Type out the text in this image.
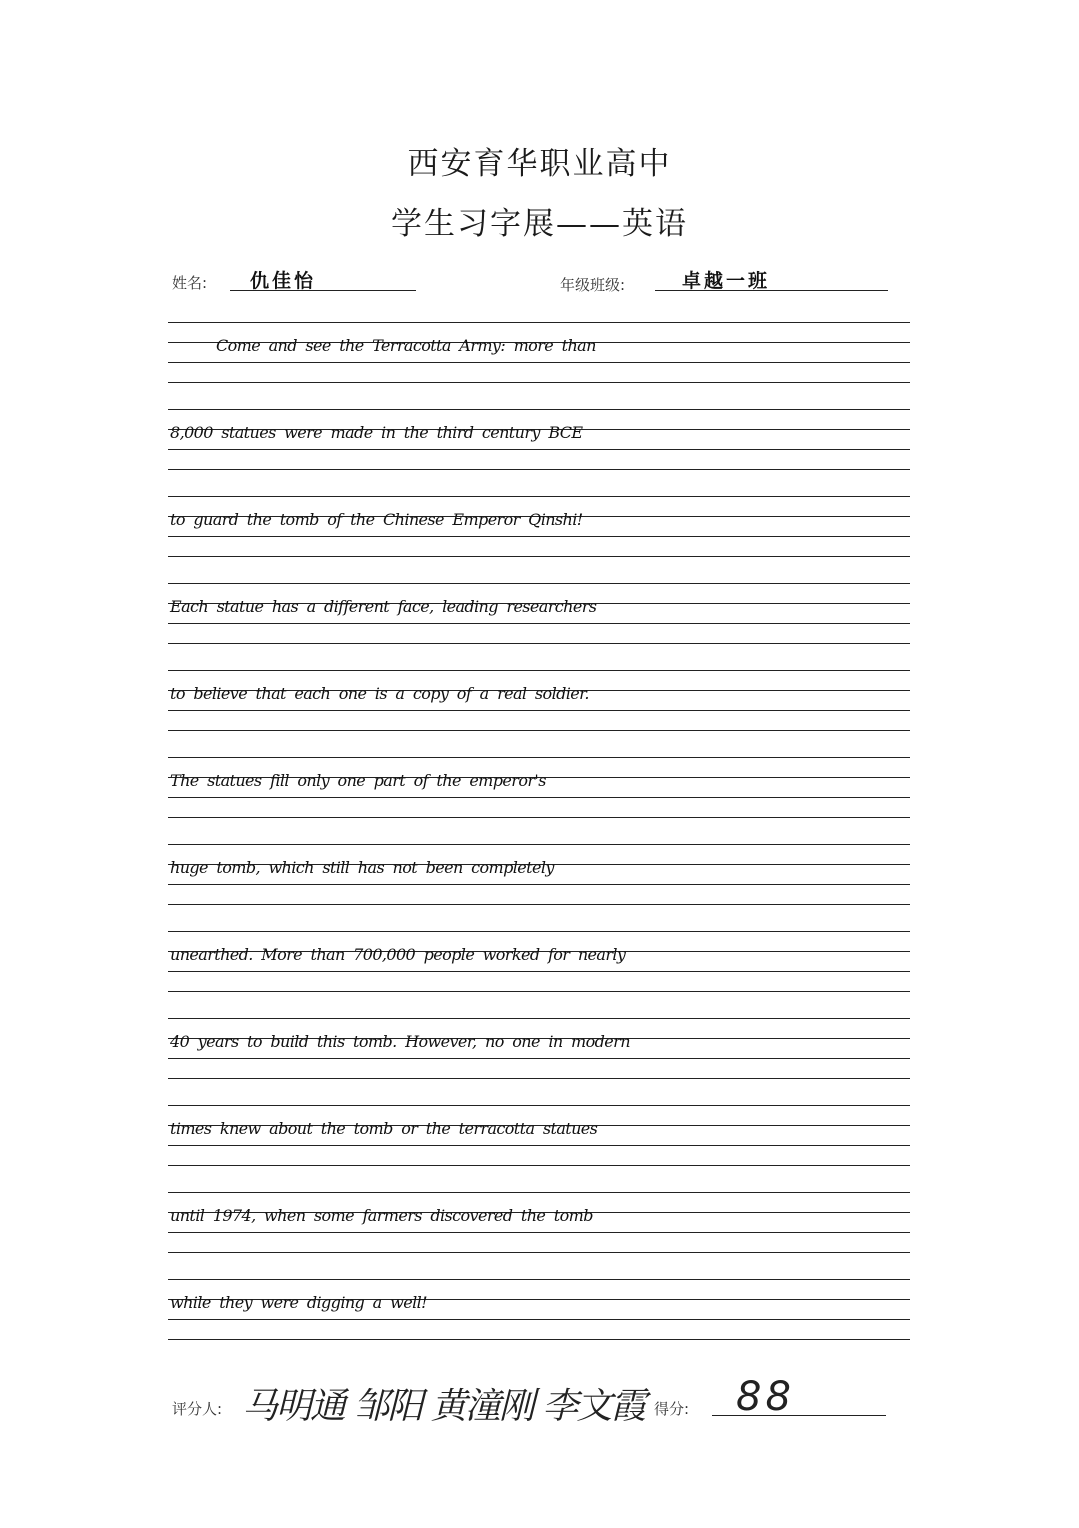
西安育华职业高中
学生习字展——英语
姓名: 仇佳怡	年级班级:	卓越一班
Come and see the Terracotta Army: more than
8,000 statues were made in the third century BCE
to guard the tomb of the Chinese Emperor Qinshi!
Each statue has a different face, leading researchers
to believe that each one is a copy of a real soldier.
The statues fill only one part of the emperor's
huge tomb, which still has not been completely
unearthed. More than 700,000 people worked for nearly
40 years to build this tomb. However, no one in modern
times knew about the tomb or the terracotta statues
until 1974, when some farmers discovered the tomb
while they were digging a well!
评分人: 马明通 邹阳 黄潼刚 李文霞 得分: 88
